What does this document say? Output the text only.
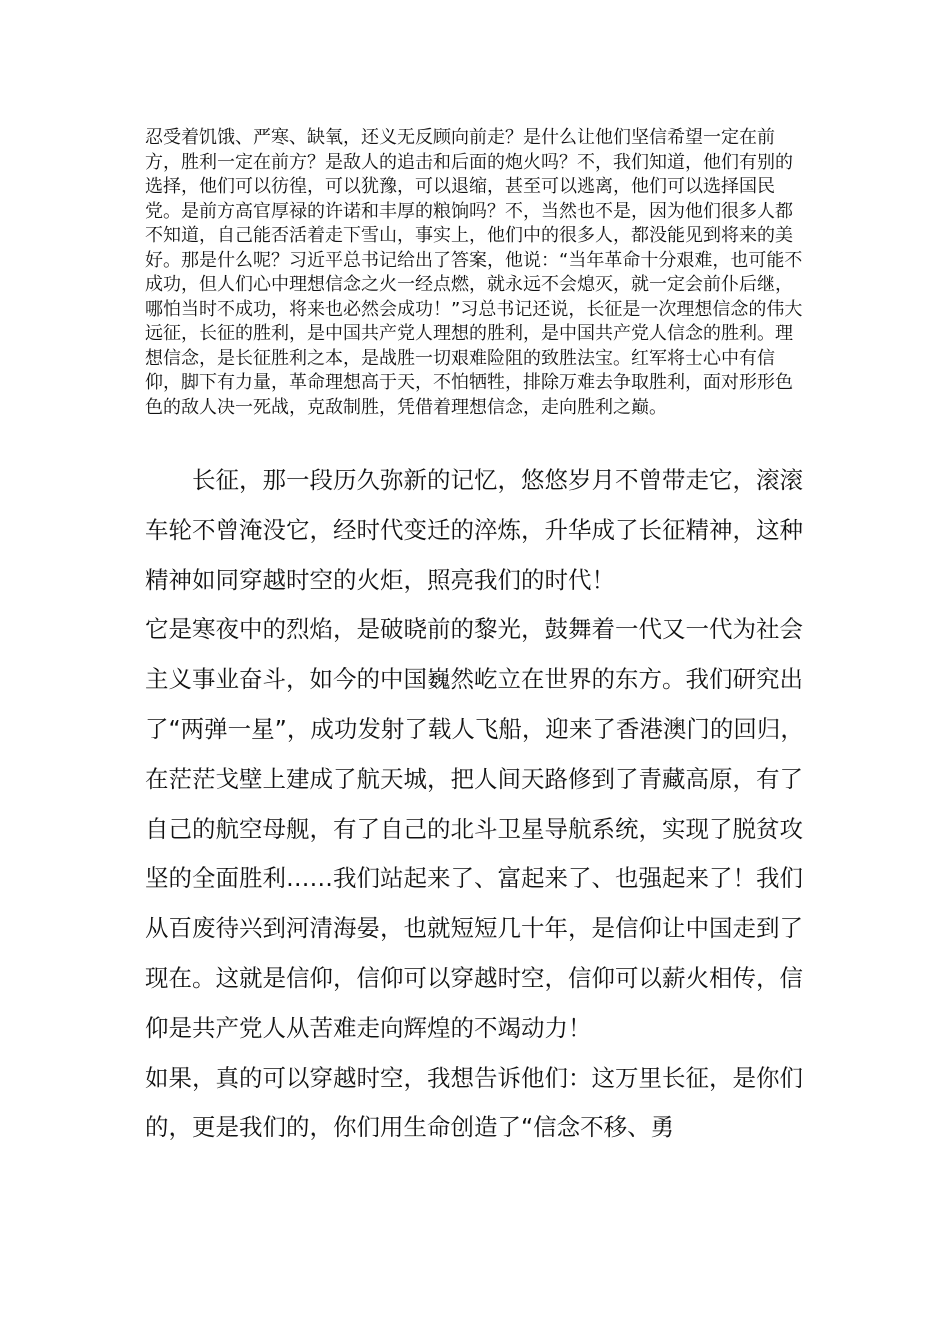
忍受着饥饿、严寒、缺氧，还义无反顾向前走？是什么让他们坚信希望一定在前方，胜利一定在前方？是敌人的追击和后面的炮火吗？不，我们知道，他们有别的选择，他们可以彷徨，可以犹豫，可以退缩，甚至可以逃离，他们可以选择国民党。是前方高官厚禄的许诺和丰厚的粮饷吗？不，当然也不是，因为他们很多人都不知道，自己能否活着走下雪山，事实上，他们中的很多人，都没能见到将来的美好。那是什么呢？习近平总书记给出了答案，他说：“当年革命十分艰难，也可能不成功，但人们心中理想信念之火一经点燃，就永远不会熄灭，就一定会前仆后继，哪怕当时不成功，将来也必然会成功！”习总书记还说，长征是一次理想信念的伟大远征，长征的胜利，是中国共产党人理想的胜利，是中国共产党人信念的胜利。理想信念，是长征胜利之本，是战胜一切艰难险阻的致胜法宝。红军将士心中有信仰，脚下有力量，革命理想高于天，不怕牺牲，排除万难去争取胜利，面对形形色色的敌人决一死战，克敌制胜，凭借着理想信念，走向胜利之巅。

长征，那一段历久弥新的记忆，悠悠岁月不曾带走它，滚滚车轮不曾淹没它，经时代变迁的淬炼，升华成了长征精神，这种精神如同穿越时空的火炬，照亮我们的时代！

它是寒夜中的烈焰，是破晓前的黎光，鼓舞着一代又一代为社会主义事业奋斗，如今的中国巍然屹立在世界的东方。我们研究出了“两弹一星”，成功发射了载人飞船，迎来了香港澳门的回归，在茫茫戈壁上建成了航天城，把人间天路修到了青藏高原，有了自己的航空母舰，有了自己的北斗卫星导航系统，实现了脱贫攻坚的全面胜利……我们站起来了、富起来了、也强起来了！我们从百废待兴到河清海晏，也就短短几十年，是信仰让中国走到了现在。这就是信仰，信仰可以穿越时空，信仰可以薪火相传，信仰是共产党人从苦难走向辉煌的不竭动力！

如果，真的可以穿越时空，我想告诉他们：这万里长征，是你们的，更是我们的，你们用生命创造了“信念不移、勇
